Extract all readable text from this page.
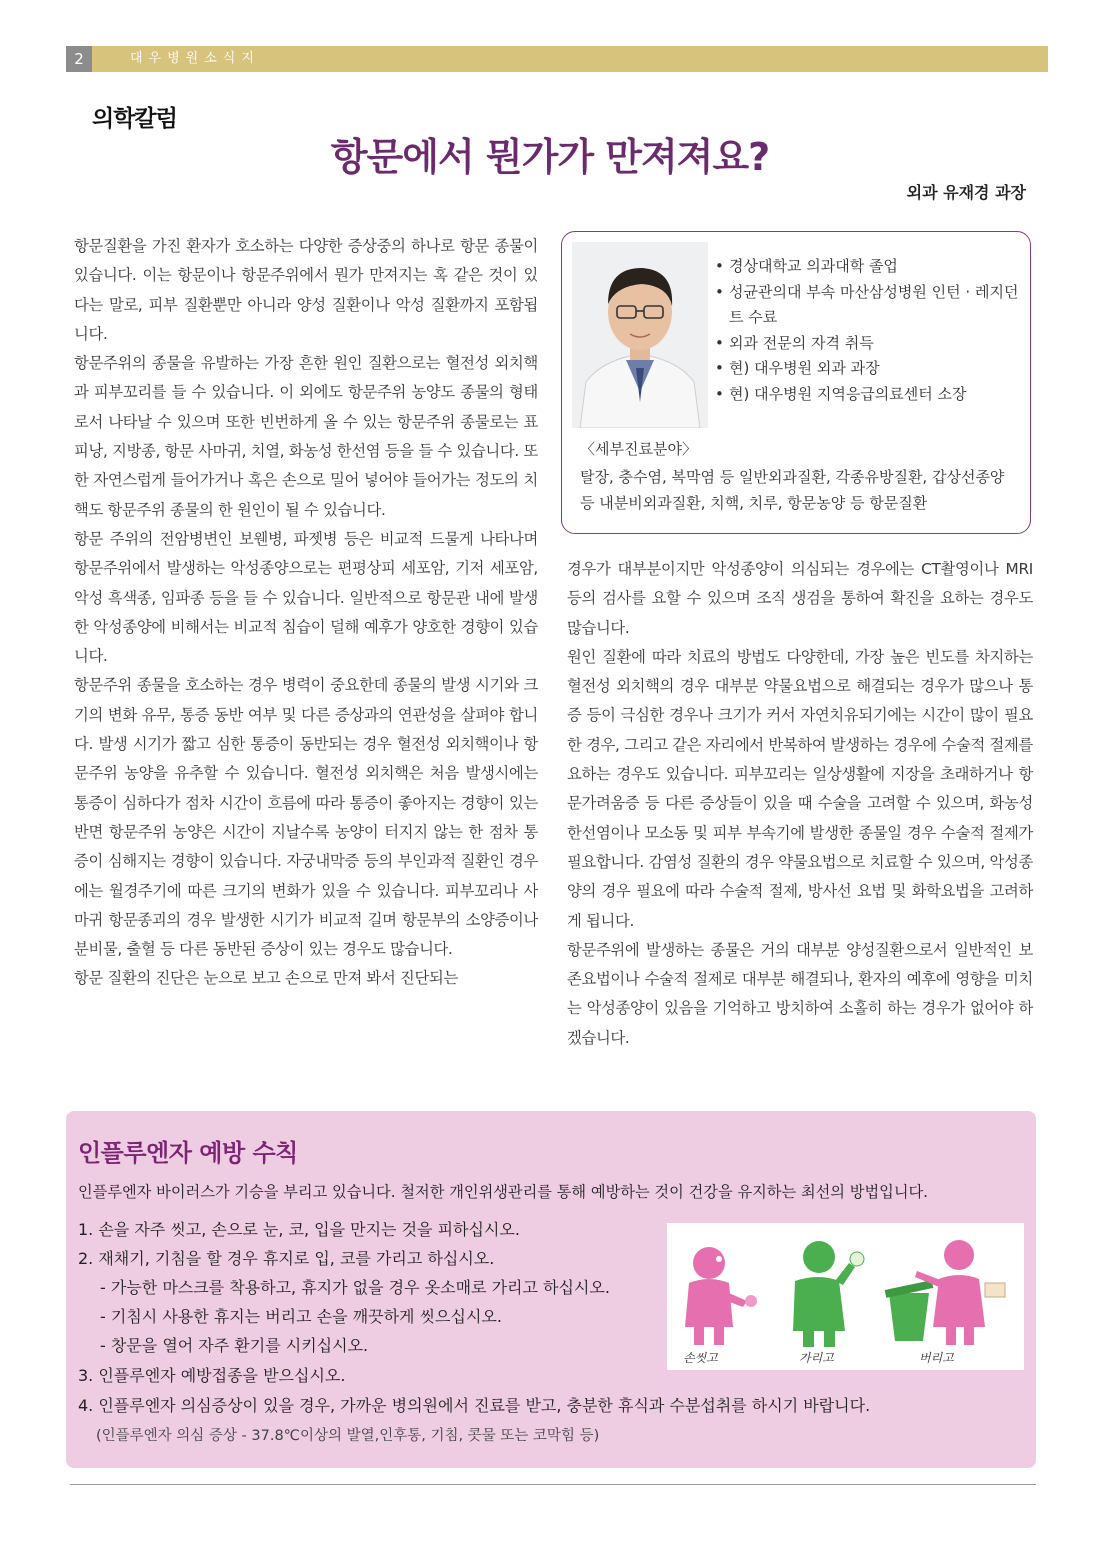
2	대우병원소식지
의학칼럼
항문에서 뭔가가 만져져요?
외과 유재경 과장

항문질환을 가진 환자가 호소하는 다양한 증상중의 하나로 항문 종물이 있습니다. 이는 항문이나 항문주위에서 뭔가 만져지는 혹 같은 것이 있다는 말로, 피부 질환뿐만 아니라 양성 질환이나 악성 질환까지 포함됩니다.

항문주위의 종물을 유발하는 가장 흔한 원인 질환으로는 혈전성 외치핵과 피부꼬리를 들 수 있습니다. 이 외에도 항문주위 농양도 종물의 형태로서 나타날 수 있으며 또한 빈번하게 올 수 있는 항문주위 종물로는 표피낭, 지방종, 항문 사마귀, 치열, 화농성 한선염 등을 들 수 있습니다. 또한 자연스럽게 들어가거나 혹은 손으로 밀어 넣어야 들어가는 정도의 치핵도 항문주위 종물의 한 원인이 될 수 있습니다.

항문 주위의 전암병변인 보웬병, 파젯병 등은 비교적 드물게 나타나며 항문주위에서 발생하는 악성종양으로는 편평상피 세포암, 기저 세포암, 악성 흑색종, 임파종 등을 들 수 있습니다. 일반적으로 항문관 내에 발생한 악성종양에 비해서는 비교적 침습이 덜해 예후가 양호한 경향이 있습니다.

항문주위 종물을 호소하는 경우 병력이 중요한데 종물의 발생 시기와 크기의 변화 유무, 통증 동반 여부 및 다른 증상과의 연관성을 살펴야 합니다. 발생 시기가 짧고 심한 통증이 동반되는 경우 혈전성 외치핵이나 항문주위 농양을 유추할 수 있습니다. 혈전성 외치핵은 처음 발생시에는 통증이 심하다가 점차 시간이 흐름에 따라 통증이 좋아지는 경향이 있는 반면 항문주위 농양은 시간이 지날수록 농양이 터지지 않는 한 점차 통증이 심해지는 경향이 있습니다. 자궁내막증 등의 부인과적 질환인 경우에는 월경주기에 따른 크기의 변화가 있을 수 있습니다. 피부꼬리나 사마귀 항문종괴의 경우 발생한 시기가 비교적 길며 항문부의 소양증이나 분비물, 출혈 등 다른 동반된 증상이 있는 경우도 많습니다.

항문 질환의 진단은 눈으로 보고 손으로 만져 봐서 진단되는

• 경상대학교 의과대학 졸업
• 성균관의대 부속 마산삼성병원 인턴 · 레지던트 수료
• 외과 전문의 자격 취득
• 현) 대우병원 외과 과장
• 현) 대우병원 지역응급의료센터 소장
〈세부진료분야〉
탈장, 충수염, 복막염 등 일반외과질환, 각종유방질환, 갑상선종양 등 내분비외과질환, 치핵, 치루, 항문농양 등 항문질환

경우가 대부분이지만 악성종양이 의심되는 경우에는 CT촬영이나 MRI 등의 검사를 요할 수 있으며 조직 생검을 통하여 확진을 요하는 경우도 많습니다.

원인 질환에 따라 치료의 방법도 다양한데, 가장 높은 빈도를 차지하는 혈전성 외치핵의 경우 대부분 약물요법으로 해결되는 경우가 많으나 통증 등이 극심한 경우나 크기가 커서 자연치유되기에는 시간이 많이 필요한 경우, 그리고 같은 자리에서 반복하여 발생하는 경우에 수술적 절제를 요하는 경우도 있습니다. 피부꼬리는 일상생활에 지장을 초래하거나 항문가려움증 등 다른 증상들이 있을 때 수술을 고려할 수 있으며, 화농성 한선염이나 모소동 및 피부 부속기에 발생한 종물일 경우 수술적 절제가 필요합니다. 감염성 질환의 경우 약물요법으로 치료할 수 있으며, 악성종양의 경우 필요에 따라 수술적 절제, 방사선 요법 및 화학요법을 고려하게 됩니다.

항문주위에 발생하는 종물은 거의 대부분 양성질환으로서 일반적인 보존요법이나 수술적 절제로 대부분 해결되나, 환자의 예후에 영향을 미치는 악성종양이 있음을 기억하고 방치하여 소홀히 하는 경우가 없어야 하겠습니다.

인플루엔자 예방 수칙
인플루엔자 바이러스가 기승을 부리고 있습니다. 철저한 개인위생관리를 통해 예방하는 것이 건강을 유지하는 최선의 방법입니다.
1. 손을 자주 씻고, 손으로 눈, 코, 입을 만지는 것을 피하십시오.
2. 재채기, 기침을 할 경우 휴지로 입, 코를 가리고 하십시오.
- 가능한 마스크를 착용하고, 휴지가 없을 경우 옷소매로 가리고 하십시오.
- 기침시 사용한 휴지는 버리고 손을 깨끗하게 씻으십시오.
- 창문을 열어 자주 환기를 시키십시오.
3. 인플루엔자 예방접종을 받으십시오.
4. 인플루엔자 의심증상이 있을 경우, 가까운 병의원에서 진료를 받고, 충분한 휴식과 수분섭취를 하시기 바랍니다.
(인플루엔자 의심 증상 - 37.8℃이상의 발열,인후통, 기침, 콧물 또는 코막힘 등)
손씻고	가리고	버리고
